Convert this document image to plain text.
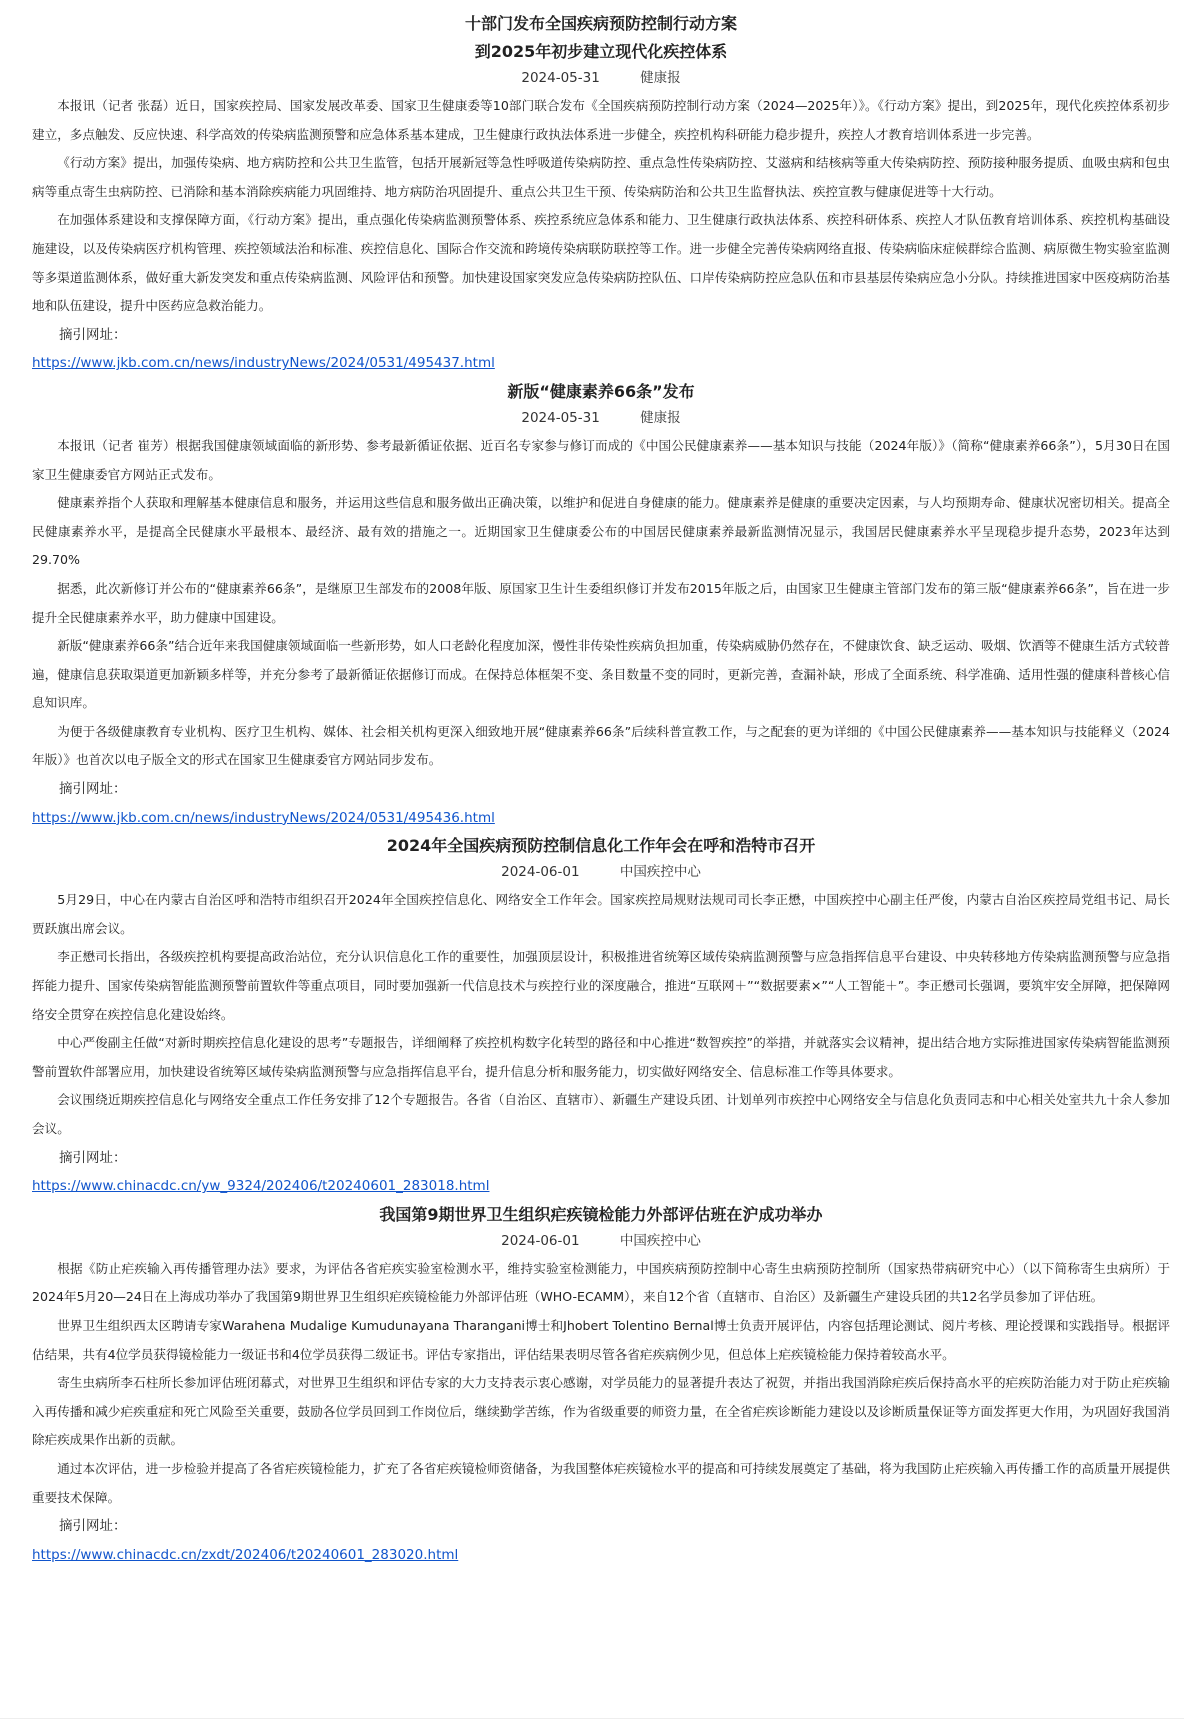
十部门发布全国疾病预防控制行动方案
到2025年初步建立现代化疾控体系
2024-05-31	健康报

本报讯（记者 张磊）近日，国家疾控局、国家发展改革委、国家卫生健康委等10部门联合发布《全国疾病预防控制行动方案（2024—2025年）》。《行动方案》提出，到2025年，现代化疾控体系初步建立，多点触发、反应快速、科学高效的传染病监测预警和应急体系基本建成，卫生健康行政执法体系进一步健全，疾控机构科研能力稳步提升，疾控人才教育培训体系进一步完善。

《行动方案》提出，加强传染病、地方病防控和公共卫生监管，包括开展新冠等急性呼吸道传染病防控、重点急性传染病防控、艾滋病和结核病等重大传染病防控、预防接种服务提质、血吸虫病和包虫病等重点寄生虫病防控、已消除和基本消除疾病能力巩固维持、地方病防治巩固提升、重点公共卫生干预、传染病防治和公共卫生监督执法、疾控宣教与健康促进等十大行动。

在加强体系建设和支撑保障方面，《行动方案》提出，重点强化传染病监测预警体系、疾控系统应急体系和能力、卫生健康行政执法体系、疾控科研体系、疾控人才队伍教育培训体系、疾控机构基础设施建设，以及传染病医疗机构管理、疾控领域法治和标准、疾控信息化、国际合作交流和跨境传染病联防联控等工作。进一步健全完善传染病网络直报、传染病临床症候群综合监测、病原微生物实验室监测等多渠道监测体系，做好重大新发突发和重点传染病监测、风险评估和预警。加快建设国家突发应急传染病防控队伍、口岸传染病防控应急队伍和市县基层传染病应急小分队。持续推进国家中医疫病防治基地和队伍建设，提升中医药应急救治能力。

摘引网址：

https://www.jkb.com.cn/news/industryNews/2024/0531/495437.html
新版“健康素养66条”发布
2024-05-31	健康报

本报讯（记者 崔芳）根据我国健康领域面临的新形势、参考最新循证依据、近百名专家参与修订而成的《中国公民健康素养——基本知识与技能（2024年版）》（简称“健康素养66条”），5月30日在国家卫生健康委官方网站正式发布。

健康素养指个人获取和理解基本健康信息和服务，并运用这些信息和服务做出正确决策，以维护和促进自身健康的能力。健康素养是健康的重要决定因素，与人均预期寿命、健康状况密切相关。提高全民健康素养水平，是提高全民健康水平最根本、最经济、最有效的措施之一。近期国家卫生健康委公布的中国居民健康素养最新监测情况显示，我国居民健康素养水平呈现稳步提升态势，2023年达到29.70%

据悉，此次新修订并公布的“健康素养66条”，是继原卫生部发布的2008年版、原国家卫生计生委组织修订并发布2015年版之后，由国家卫生健康主管部门发布的第三版“健康素养66条”，旨在进一步提升全民健康素养水平，助力健康中国建设。

新版“健康素养66条”结合近年来我国健康领域面临一些新形势，如人口老龄化程度加深，慢性非传染性疾病负担加重，传染病威胁仍然存在，不健康饮食、缺乏运动、吸烟、饮酒等不健康生活方式较普遍，健康信息获取渠道更加新颖多样等，并充分参考了最新循证依据修订而成。在保持总体框架不变、条目数量不变的同时，更新完善，查漏补缺，形成了全面系统、科学准确、适用性强的健康科普核心信息知识库。

为便于各级健康教育专业机构、医疗卫生机构、媒体、社会相关机构更深入细致地开展“健康素养66条”后续科普宣教工作，与之配套的更为详细的《中国公民健康素养——基本知识与技能释义（2024年版）》也首次以电子版全文的形式在国家卫生健康委官方网站同步发布。

摘引网址：

https://www.jkb.com.cn/news/industryNews/2024/0531/495436.html
2024年全国疾病预防控制信息化工作年会在呼和浩特市召开
2024-06-01	中国疾控中心

5月29日，中心在内蒙古自治区呼和浩特市组织召开2024年全国疾控信息化、网络安全工作年会。国家疾控局规财法规司司长李正懋，中国疾控中心副主任严俊，内蒙古自治区疾控局党组书记、局长贾跃旗出席会议。

李正懋司长指出，各级疾控机构要提高政治站位，充分认识信息化工作的重要性，加强顶层设计，积极推进省统筹区域传染病监测预警与应急指挥信息平台建设、中央转移地方传染病监测预警与应急指挥能力提升、国家传染病智能监测预警前置软件等重点项目，同时要加强新一代信息技术与疾控行业的深度融合，推进“互联网＋”“数据要素×”“人工智能＋”。李正懋司长强调，要筑牢安全屏障，把保障网络安全贯穿在疾控信息化建设始终。

中心严俊副主任做“对新时期疾控信息化建设的思考”专题报告，详细阐释了疾控机构数字化转型的路径和中心推进“数智疾控”的举措，并就落实会议精神，提出结合地方实际推进国家传染病智能监测预警前置软件部署应用，加快建设省统筹区域传染病监测预警与应急指挥信息平台，提升信息分析和服务能力，切实做好网络安全、信息标准工作等具体要求。

会议围绕近期疾控信息化与网络安全重点工作任务安排了12个专题报告。各省（自治区、直辖市）、新疆生产建设兵团、计划单列市疾控中心网络安全与信息化负责同志和中心相关处室共九十余人参加会议。

摘引网址：

https://www.chinacdc.cn/yw_9324/202406/t20240601_283018.html
我国第9期世界卫生组织疟疾镜检能力外部评估班在沪成功举办
2024-06-01	中国疾控中心

根据《防止疟疾输入再传播管理办法》要求，为评估各省疟疾实验室检测水平，维持实验室检测能力，中国疾病预防控制中心寄生虫病预防控制所（国家热带病研究中心）（以下简称寄生虫病所）于2024年5月20—24日在上海成功举办了我国第9期世界卫生组织疟疾镜检能力外部评估班（WHO-ECAMM），来自12个省（直辖市、自治区）及新疆生产建设兵团的共12名学员参加了评估班。

世界卫生组织西太区聘请专家Warahena Mudalige Kumudunayana Tharangani博士和Jhobert Tolentino Bernal博士负责开展评估，内容包括理论测试、阅片考核、理论授课和实践指导。根据评估结果，共有4位学员获得镜检能力一级证书和4位学员获得二级证书。评估专家指出，评估结果表明尽管各省疟疾病例少见，但总体上疟疾镜检能力保持着较高水平。

寄生虫病所李石柱所长参加评估班闭幕式，对世界卫生组织和评估专家的大力支持表示衷心感谢，对学员能力的显著提升表达了祝贺，并指出我国消除疟疾后保持高水平的疟疾防治能力对于防止疟疾输入再传播和减少疟疾重症和死亡风险至关重要，鼓励各位学员回到工作岗位后，继续勤学苦练，作为省级重要的师资力量，在全省疟疾诊断能力建设以及诊断质量保证等方面发挥更大作用，为巩固好我国消除疟疾成果作出新的贡献。

通过本次评估，进一步检验并提高了各省疟疾镜检能力，扩充了各省疟疾镜检师资储备，为我国整体疟疾镜检水平的提高和可持续发展奠定了基础，将为我国防止疟疾输入再传播工作的高质量开展提供重要技术保障。

摘引网址：

https://www.chinacdc.cn/zxdt/202406/t20240601_283020.html
